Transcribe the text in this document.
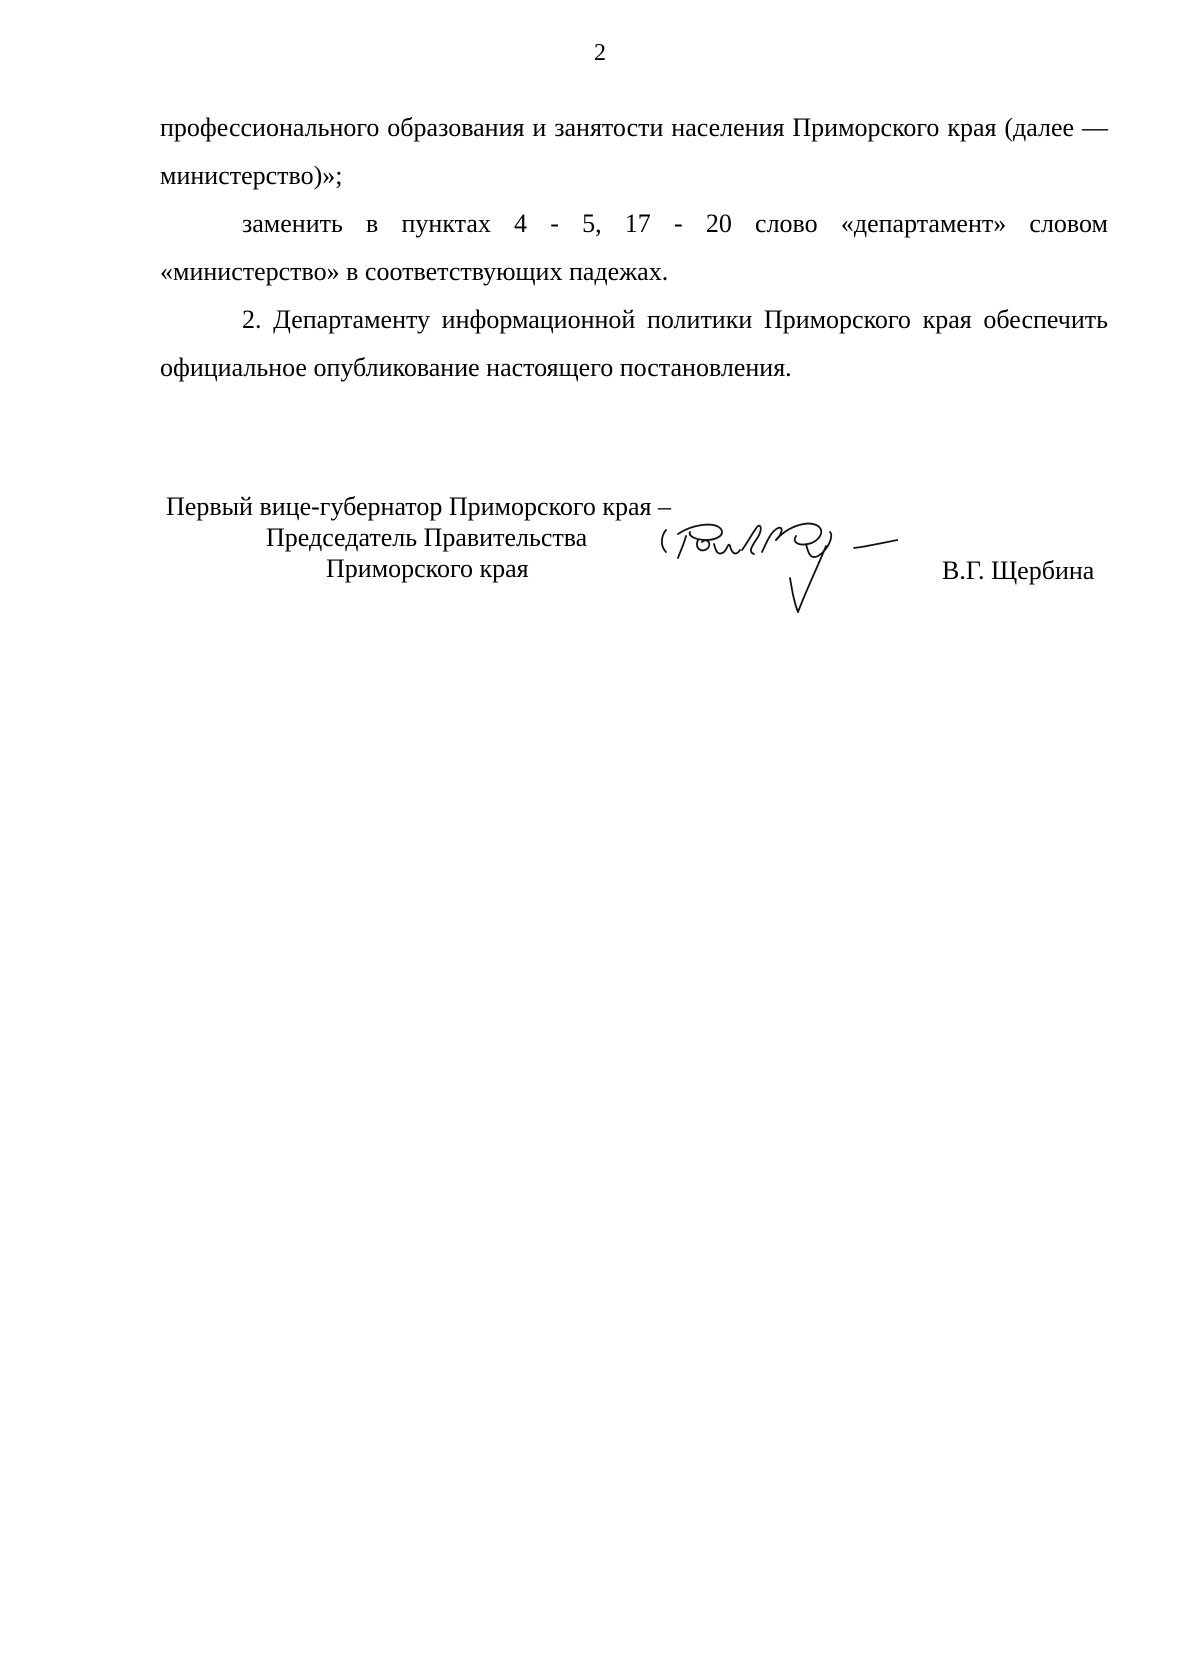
2

профессионального образования и занятости населения Приморского края (далее — министерство)»;

заменить в пунктах 4 - 5, 17 - 20 слово «департамент» словом «министерство» в соответствующих падежах.

2. Департаменту информационной политики Приморского края обеспечить официальное опубликование настоящего постановления.

Первый вице-губернатор Приморского края –
Председатель Правительства
Приморского края	В.Г. Щербина
